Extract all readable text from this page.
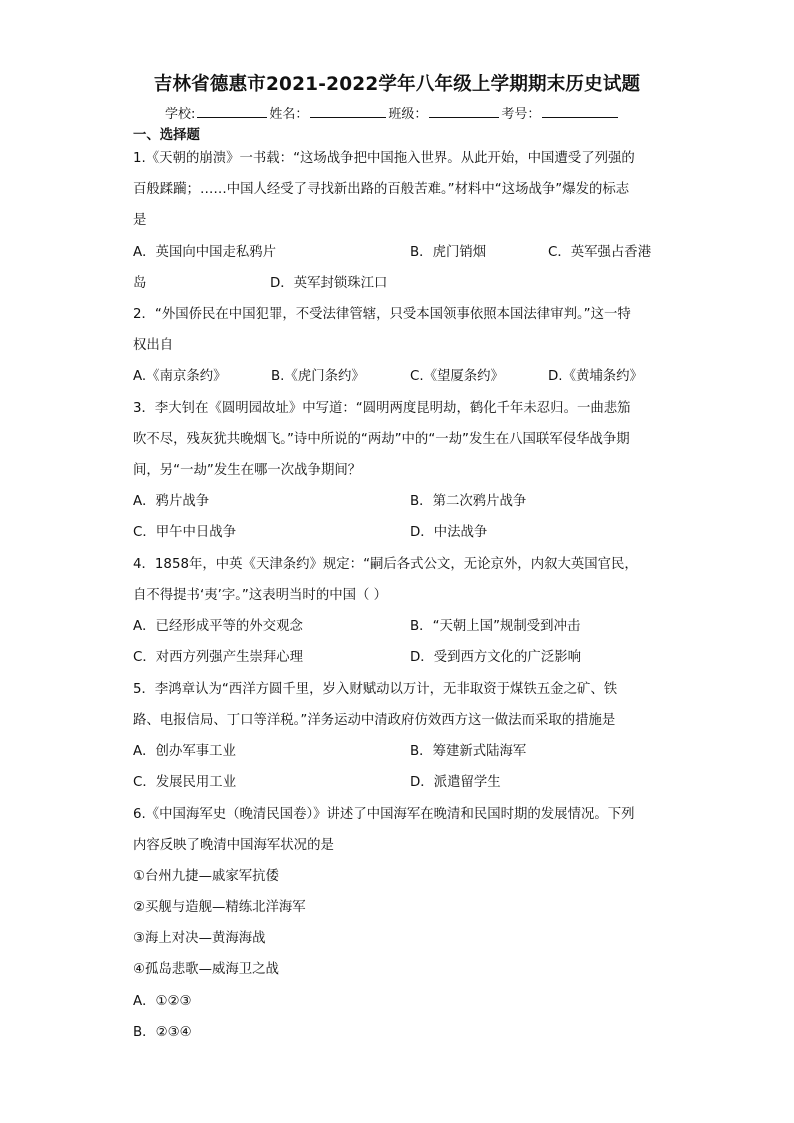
吉林省德惠市2021-2022学年八年级上学期期末历史试题
学校:	姓名：	班级：	考号：
一、选择题
1.《天朝的崩溃》一书载：“这场战争把中国拖入世界。从此开始，中国遭受了列强的
百般蹂躏；……中国人经受了寻找新出路的百般苦难。”材料中“这场战争”爆发的标志
是
A．英国向中国走私鸦片	B．虎门销烟	C．英军强占香港
岛	D．英军封锁珠江口
2．“外国侨民在中国犯罪，不受法律管辖，只受本国领事依照本国法律审判。”这一特
权出自
A.《南京条约》	B.《虎门条约》	C.《望厦条约》	D.《黄埔条约》
3．李大钊在《圆明园故址》中写道：“圆明两度昆明劫，鹤化千年未忍归。一曲悲笳
吹不尽，残灰犹共晚烟飞。”诗中所说的“两劫”中的“一劫”发生在八国联军侵华战争期
间，另“一劫”发生在哪一次战争期间？
A．鸦片战争	B．第二次鸦片战争
C．甲午中日战争	D．中法战争
4．1858年，中英《天津条约》规定：“嗣后各式公文，无论京外，内叙大英国官民，
自不得提书‘夷’字。”这表明当时的中国（ ）
A．已经形成平等的外交观念	B．“天朝上国”规制受到冲击
C．对西方列强产生崇拜心理	D．受到西方文化的广泛影响
5．李鸿章认为“西洋方圆千里，岁入财赋动以万计，无非取资于煤铁五金之矿、铁
路、电报信局、丁口等洋税。”洋务运动中清政府仿效西方这一做法而采取的措施是
A．创办军事工业	B．筹建新式陆海军
C．发展民用工业	D．派遣留学生
6.《中国海军史（晚清民国卷）》讲述了中国海军在晚清和民国时期的发展情况。下列
内容反映了晚清中国海军状况的是
①台州九捷—戚家军抗倭
②买舰与造舰—精练北洋海军
③海上对决—黄海海战
④孤岛悲歌—威海卫之战
A．①②③
B．②③④
